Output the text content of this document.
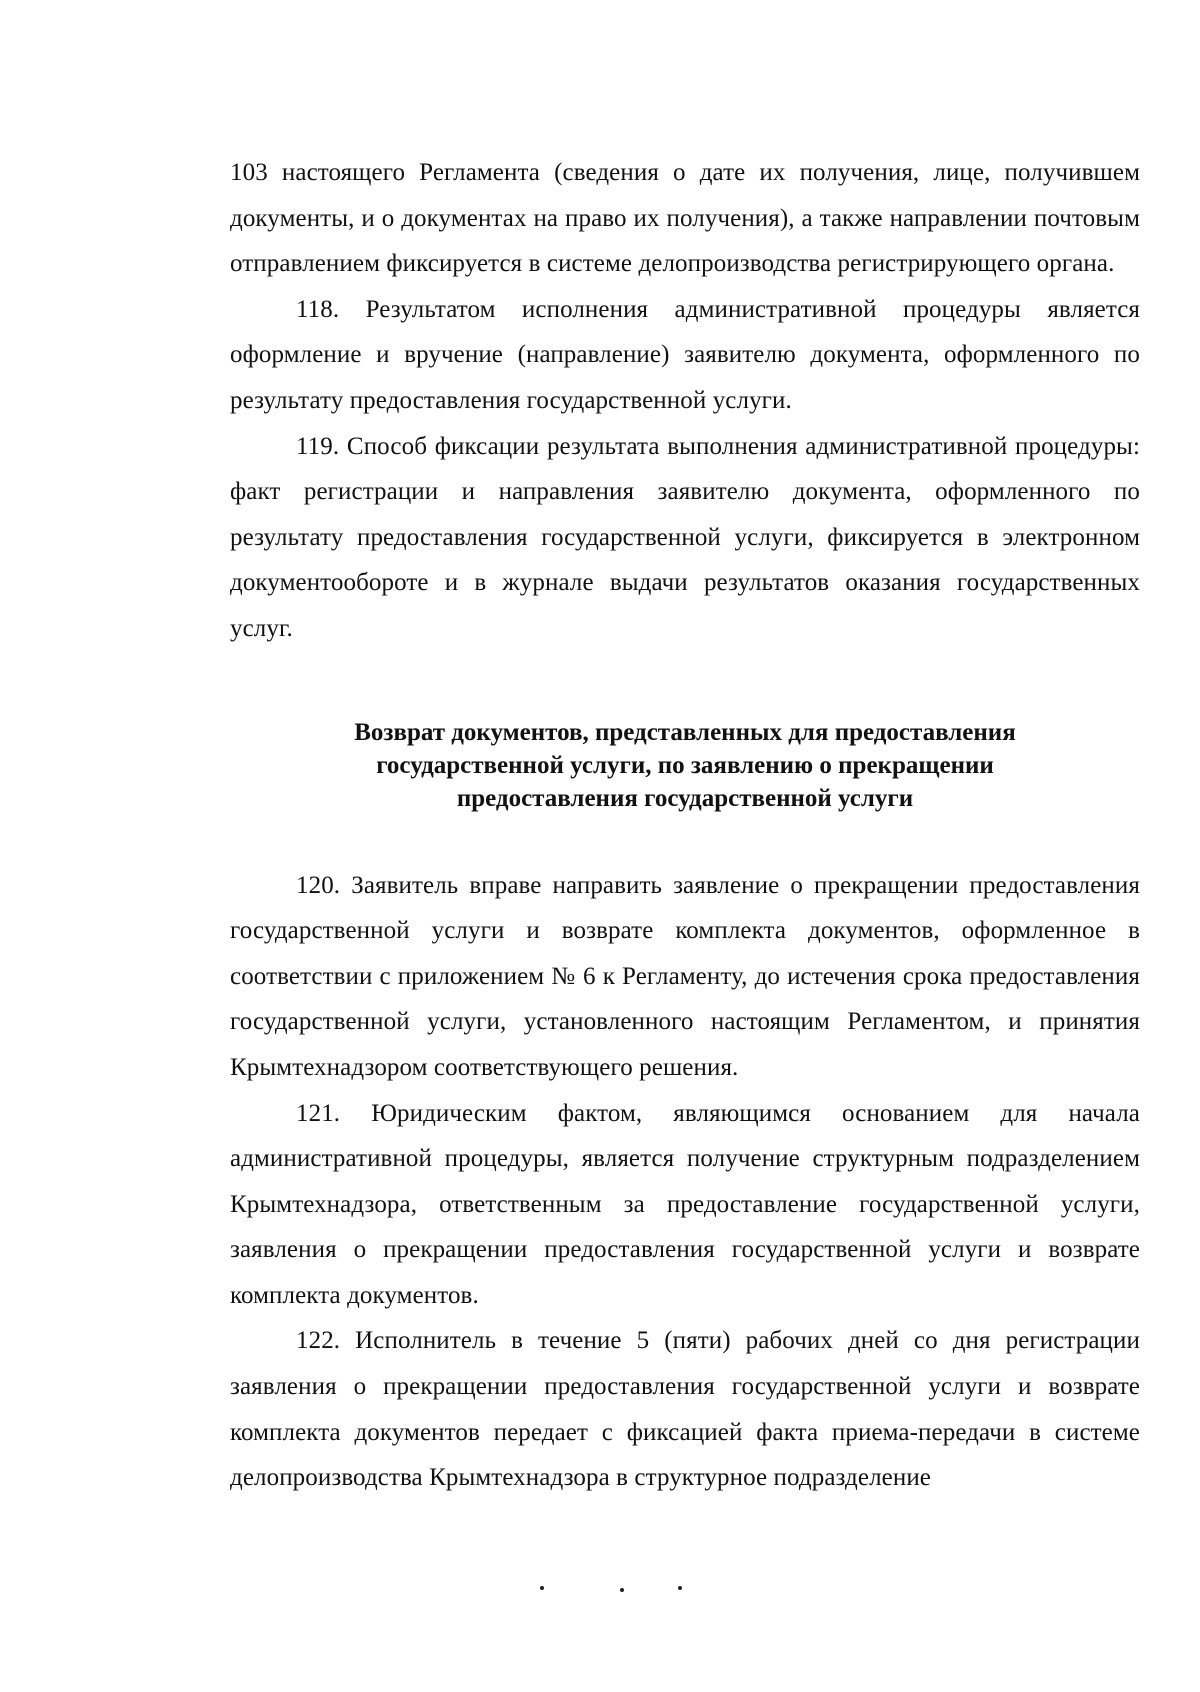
103 настоящего Регламента (сведения о дате их получения, лице, получившем документы, и о документах на право их получения), а также направлении почтовым отправлением фиксируется в системе делопроизводства регистрирующего органа.

118. Результатом исполнения административной процедуры является оформление и вручение (направление) заявителю документа, оформленного по результату предоставления государственной услуги.

119. Способ фиксации результата выполнения административной процедуры: факт регистрации и направления заявителю документа, оформленного по результату предоставления государственной услуги, фиксируется в электронном документообороте и в журнале выдачи результатов оказания государственных услуг.

Возврат документов, представленных для предоставления
государственной услуги, по заявлению о прекращении
предоставления государственной услуги

120. Заявитель вправе направить заявление о прекращении предоставления государственной услуги и возврате комплекта документов, оформленное в соответствии с приложением № 6 к Регламенту, до истечения срока предоставления государственной услуги, установленного настоящим Регламентом, и принятия Крымтехнадзором соответствующего решения.

121. Юридическим фактом, являющимся основанием для начала административной процедуры, является получение структурным подразделением Крымтехнадзора, ответственным за предоставление государственной услуги, заявления о прекращении предоставления государственной услуги и возврате комплекта документов.

122. Исполнитель в течение 5 (пяти) рабочих дней со дня регистрации заявления о прекращении предоставления государственной услуги и возврате комплекта документов передает с фиксацией факта приема-передачи в системе делопроизводства Крымтехнадзора в структурное подразделение
